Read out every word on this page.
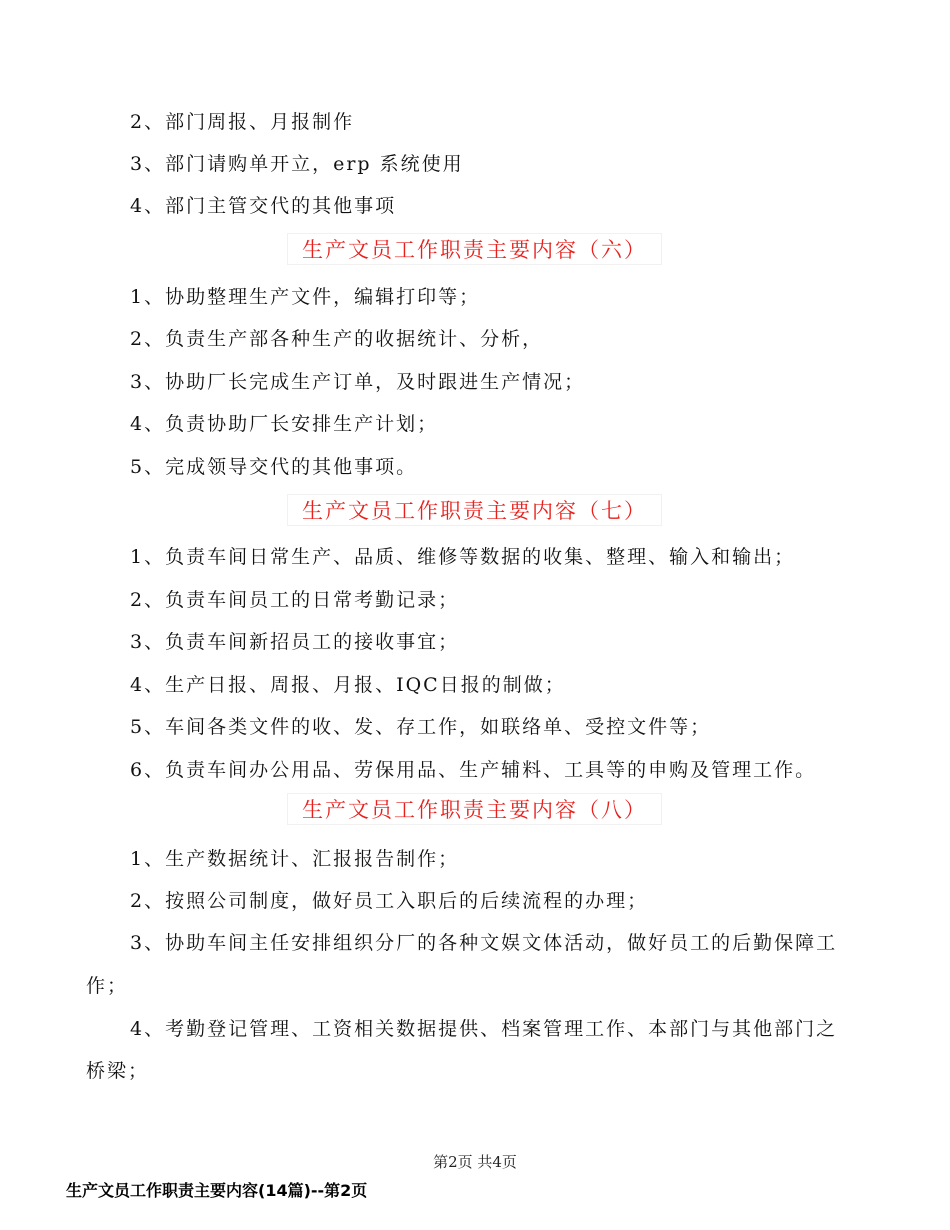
2、部门周报、月报制作
3、部门请购单开立，erp 系统使用
4、部门主管交代的其他事项
生产文员工作职责主要内容（六）
1、协助整理生产文件，编辑打印等；
2、负责生产部各种生产的收据统计、分析，
3、协助厂长完成生产订单，及时跟进生产情况；
4、负责协助厂长安排生产计划；
5、完成领导交代的其他事项。
生产文员工作职责主要内容（七）
1、负责车间日常生产、品质、维修等数据的收集、整理、输入和输出；
2、负责车间员工的日常考勤记录；
3、负责车间新招员工的接收事宜；
4、生产日报、周报、月报、IQC日报的制做；
5、车间各类文件的收、发、存工作，如联络单、受控文件等；
6、负责车间办公用品、劳保用品、生产辅料、工具等的申购及管理工作。
生产文员工作职责主要内容（八）
1、生产数据统计、汇报报告制作；
2、按照公司制度，做好员工入职后的后续流程的办理；
3、协助车间主任安排组织分厂的各种文娱文体活动，做好员工的后勤保障工
作；
4、考勤登记管理、工资相关数据提供、档案管理工作、本部门与其他部门之
桥梁；
第2页 共4页
生产文员工作职责主要内容(14篇)--第2页
